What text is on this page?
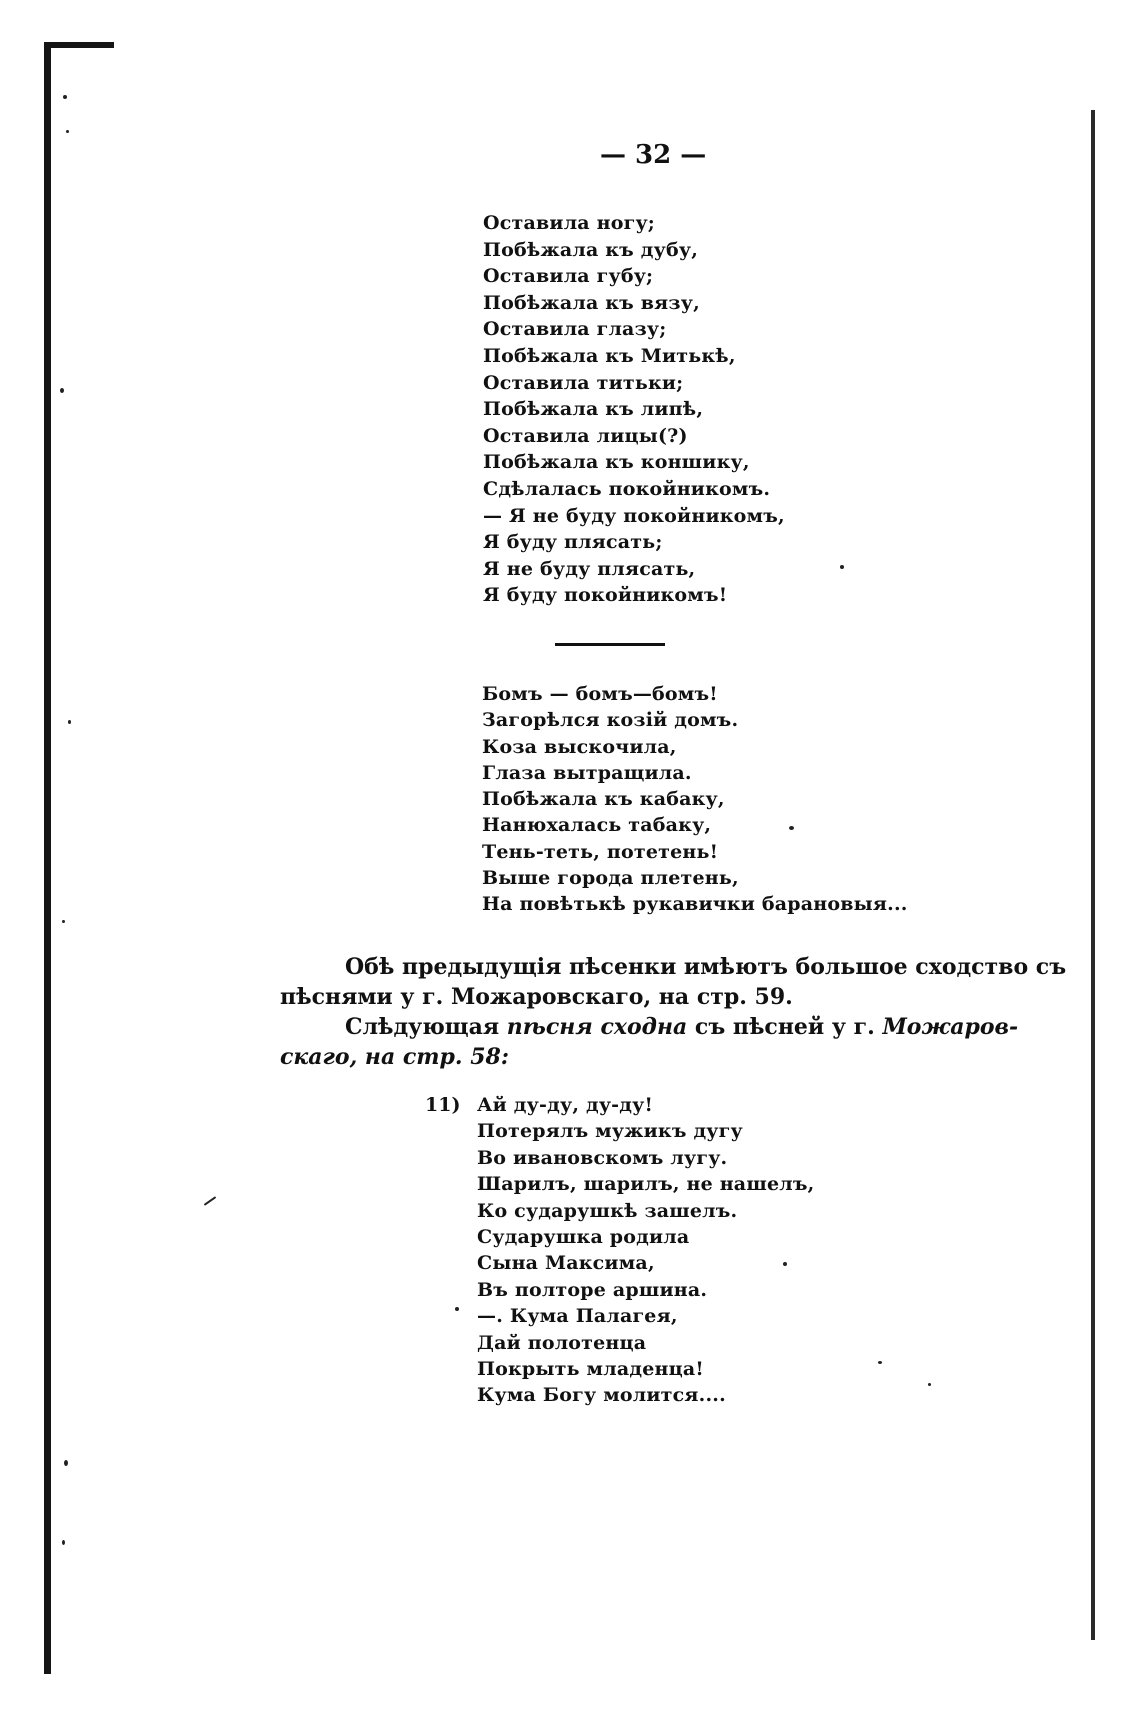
— 32 —
Оставила ногу;
Побѣжала къ дубу,
Оставила губу;
Побѣжала къ вязу,
Оставила глазу;
Побѣжала къ Митькѣ,
Оставила титьки;
Побѣжала къ липѣ,
Оставила лицы(?)
Побѣжала къ коншику,
Сдѣлалась покойникомъ.
— Я не буду покойникомъ,
Я буду плясать;
Я не буду плясать,
Я буду покойникомъ!
Бомъ — бомъ—бомъ!
Загорѣлся козій домъ.
Коза выскочила,
Глаза вытращила.
Побѣжала къ кабаку,
Нанюхалась табаку,
Тень-теть, потетень!
Выше города плетень,
На повѣтькѣ рукавички барановыя...

Обѣ предыдущія пѣсенки имѣютъ большое сходство съ

пѣснями у г. Можаровскаго, на стр. 59.

Слѣдующая пѣсня сходна съ пѣсней у г. Можаров-

скаго, на стр. 58:

11) Ай ду-ду, ду-ду!
Потерялъ мужикъ дугу
Во ивановскомъ лугу.
Шарилъ, шарилъ, не нашелъ,
Ко сударушкѣ зашелъ.
Сударушка родила
Сына Максима,
Въ полторе аршина.
—. Кума Палагея,
Дай полотенца
Покрыть младенца!
Кума Богу молится....
